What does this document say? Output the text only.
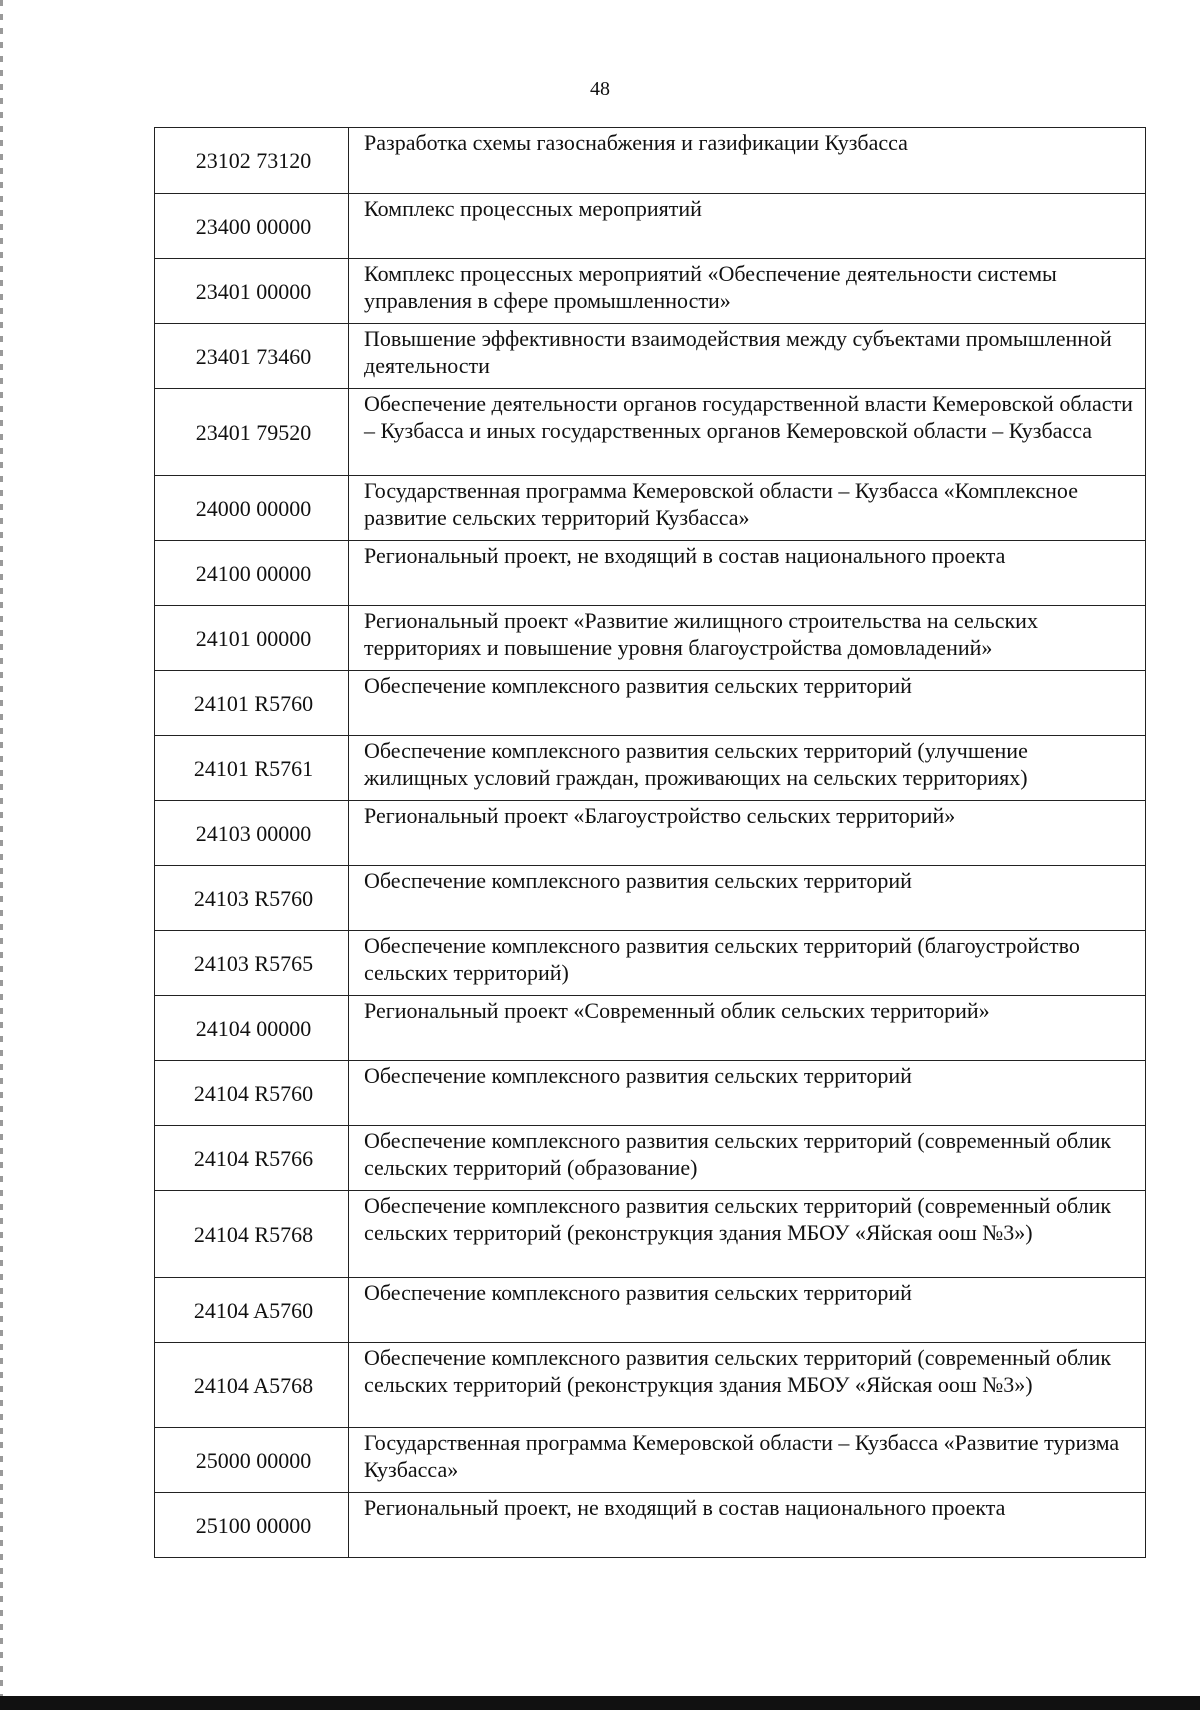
48
23102 73120	Разработка схемы газоснабжения и газификации Кузбасса
23400 00000	Комплекс процессных мероприятий
23401 00000	Комплекс процессных мероприятий «Обеспечение деятельности системы управления в сфере промышленности»
23401 73460	Повышение эффективности взаимодействия между субъектами промышленной деятельности
23401 79520	Обеспечение деятельности органов государственной власти Кемеровской области – Кузбасса и иных государственных органов Кемеровской области – Кузбасса
24000 00000	Государственная программа Кемеровской области – Кузбасса «Комплексное развитие сельских территорий Кузбасса»
24100 00000	Региональный проект, не входящий в состав национального проекта
24101 00000	Региональный проект «Развитие жилищного строительства на сельских территориях и повышение уровня благоустройства домовладений»
24101 R5760	Обеспечение комплексного развития сельских территорий
24101 R5761	Обеспечение комплексного развития сельских территорий (улучшение жилищных условий граждан, проживающих на сельских территориях)
24103 00000	Региональный проект «Благоустройство сельских территорий»
24103 R5760	Обеспечение комплексного развития сельских территорий
24103 R5765	Обеспечение комплексного развития сельских территорий (благоустройство сельских территорий)
24104 00000	Региональный проект «Современный облик сельских территорий»
24104 R5760	Обеспечение комплексного развития сельских территорий
24104 R5766	Обеспечение комплексного развития сельских территорий (современный облик сельских территорий (образование)
24104 R5768	Обеспечение комплексного развития сельских территорий (современный облик сельских территорий (реконструкция здания МБОУ «Яйская оош №3»)
24104 A5760	Обеспечение комплексного развития сельских территорий
24104 A5768	Обеспечение комплексного развития сельских территорий (современный облик сельских территорий (реконструкция здания МБОУ «Яйская оош №3»)
25000 00000	Государственная программа Кемеровской области – Кузбасса «Развитие туризма Кузбасса»
25100 00000	Региональный проект, не входящий в состав национального проекта
